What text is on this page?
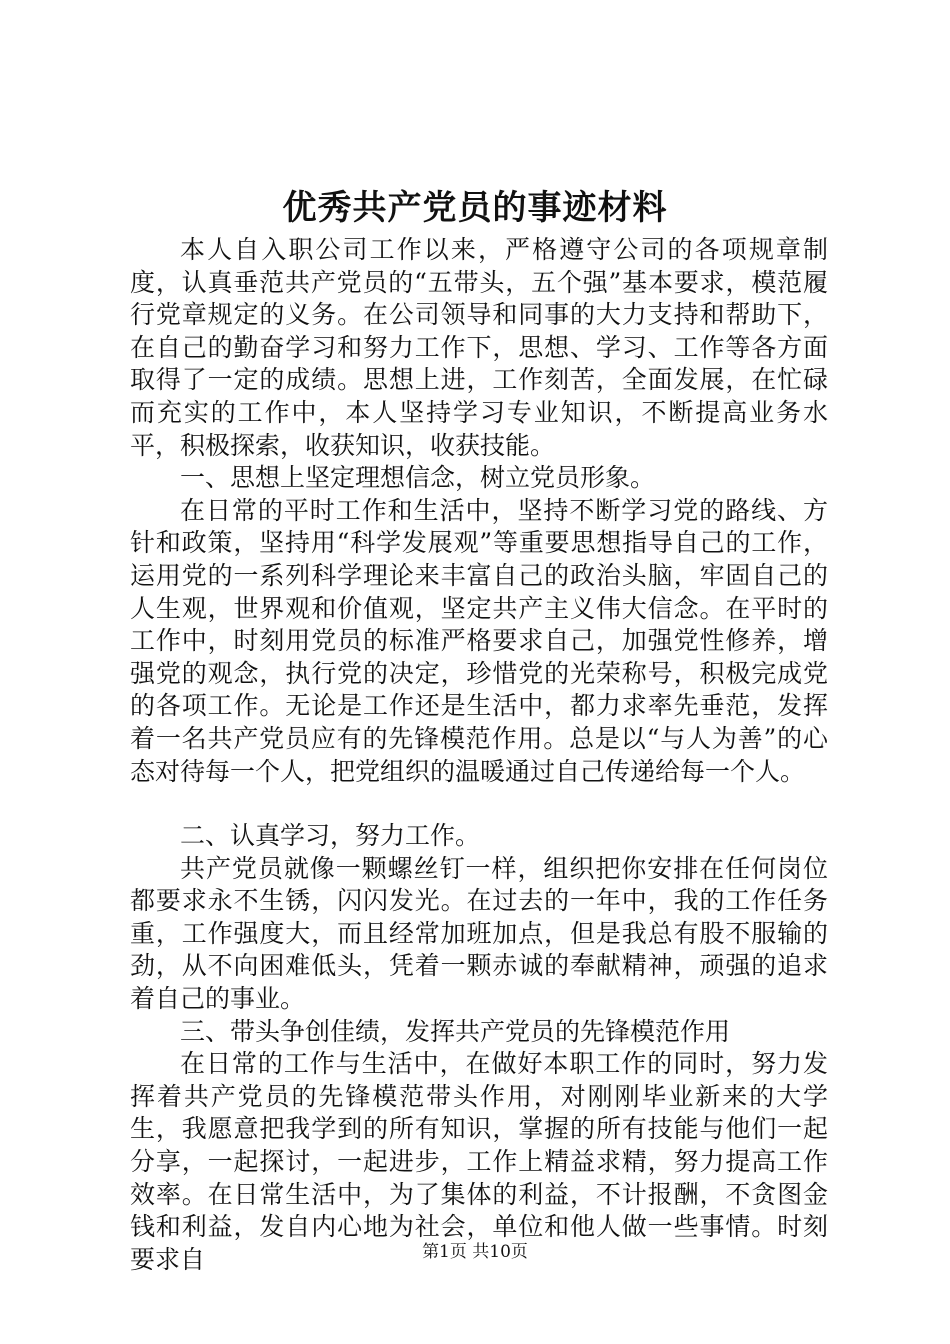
优秀共产党员的事迹材料

本人自入职公司工作以来，严格遵守公司的各项规章制度，认真垂范共产党员的“五带头，五个强”基本要求，模范履行党章规定的义务。在公司领导和同事的大力支持和帮助下，在自己的勤奋学习和努力工作下，思想、学习、工作等各方面取得了一定的成绩。思想上进，工作刻苦，全面发展，在忙碌而充实的工作中，本人坚持学习专业知识，不断提高业务水平，积极探索，收获知识，收获技能。

一、思想上坚定理想信念，树立党员形象。

在日常的平时工作和生活中，坚持不断学习党的路线、方针和政策，坚持用“科学发展观”等重要思想指导自己的工作，运用党的一系列科学理论来丰富自己的政治头脑，牢固自己的人生观，世界观和价值观，坚定共产主义伟大信念。在平时的工作中，时刻用党员的标准严格要求自己，加强党性修养，增强党的观念，执行党的决定，珍惜党的光荣称号，积极完成党的各项工作。无论是工作还是生活中，都力求率先垂范，发挥着一名共产党员应有的先锋模范作用。总是以“与人为善”的心态对待每一个人，把党组织的温暖通过自己传递给每一个人。

二、认真学习，努力工作。

共产党员就像一颗螺丝钉一样，组织把你安排在任何岗位都要求永不生锈，闪闪发光。在过去的一年中，我的工作任务重，工作强度大，而且经常加班加点，但是我总有股不服输的劲，从不向困难低头，凭着一颗赤诚的奉献精神，顽强的追求着自己的事业。

三、带头争创佳绩，发挥共产党员的先锋模范作用

在日常的工作与生活中，在做好本职工作的同时，努力发挥着共产党员的先锋模范带头作用，对刚刚毕业新来的大学生，我愿意把我学到的所有知识，掌握的所有技能与他们一起分享，一起探讨，一起进步，工作上精益求精，努力提高工作效率。在日常生活中，为了集体的利益，不计报酬，不贪图金钱和利益，发自内心地为社会，单位和他人做一些事情。时刻要求自	第1页 共10页
